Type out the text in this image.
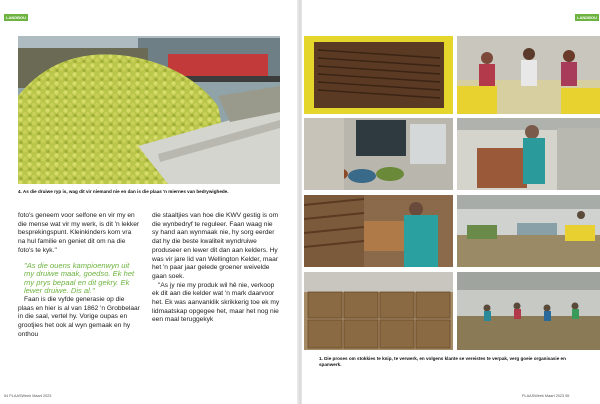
LANDBOU
4. As die druiwe ryp is, wag dit vir niemand nie en dan is die plaas 'n miernes van bedrywighede.

foto's geneem voor selfone en vir my en die mense wat vir my werk, is dit 'n lekker besprekingspunt. Kleinkinders kom vra na hul familie en geniet dit om na die foto's te kyk."

"As die ouens kampioenwyn uit my druiwe maak, goedso. Ek het my prys bepaal en dit gekry. Ek lewer druiwe. Dis al."

Faan is die vyfde generasie op die plaas en hier is al van 1862 'n Grobbelaar in die saal, vertel hy. Vorige oupas en grootjies het ook al wyn gemaak en hy onthou

die staaltjies van hoe die KWV gestig is om die wynbedryf te reguleer. Faan waag nie sy hand aan wynmaak nie, hy sorg eerder dat hy die beste kwaliteit wyndruiwe produseer en lewer dit dan aan kelders. Hy was vir jare lid van Wellington Kelder, maar het 'n paar jaar gelede groener weivelde gaan soek.

"As jy nie my produk wil hê nie, verkoop ek dit aan die kelder wat 'n mark daarvoor het. Ek was aanvanklik skrikkerig toe ek my lidmaatskap opgegee het, maar het nog nie een maal teruggekyk

54 PLAASWeek Maart 2023
LANDBOU
1. Die proses om stokkies te knip, te verwerk, en volgens klante se vereistes te verpak, verg goeie organisasie en spanwerk.
PLAASWeek Maart 2023 55
